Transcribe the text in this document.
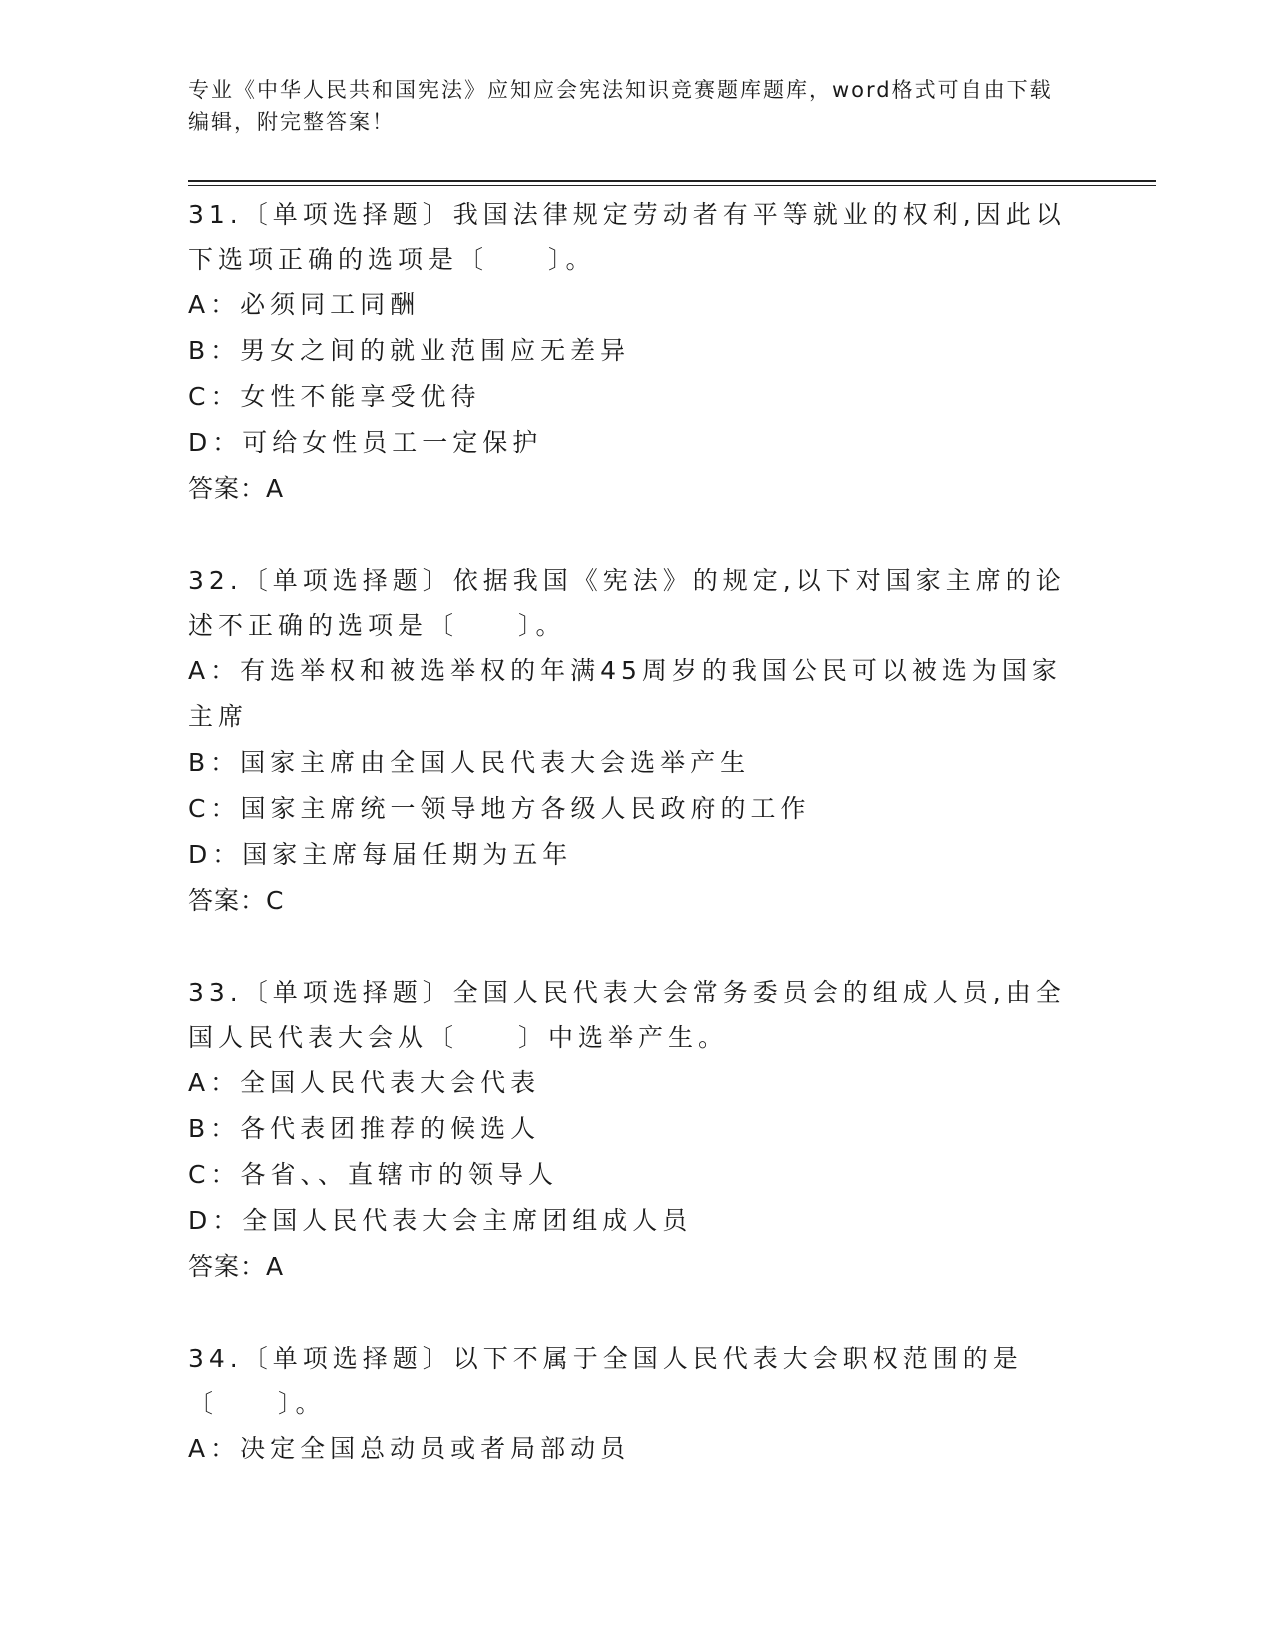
专业《中华人民共和国宪法》应知应会宪法知识竞赛题库题库，word格式可自由下载编辑，附完整答案！

31.〔单项选择题〕我国法律规定劳动者有平等就业的权利,因此以下选项正确的选项是〔　　〕。

A：必须同工同酬

B：男女之间的就业范围应无差异

C：女性不能享受优待

D：可给女性员工一定保护

答案：A

32.〔单项选择题〕依据我国《宪法》的规定,以下对国家主席的论述不正确的选项是〔　　〕。

A：有选举权和被选举权的年满45周岁的我国公民可以被选为国家主席

B：国家主席由全国人民代表大会选举产生

C：国家主席统一领导地方各级人民政府的工作

D：国家主席每届任期为五年

答案：C

33.〔单项选择题〕全国人民代表大会常务委员会的组成人员,由全国人民代表大会从〔　　〕中选举产生。

A：全国人民代表大会代表

B：各代表团推荐的候选人

C：各省、、直辖市的领导人

D：全国人民代表大会主席团组成人员

答案：A

34.〔单项选择题〕以下不属于全国人民代表大会职权范围的是〔　　〕。

A：决定全国总动员或者局部动员
